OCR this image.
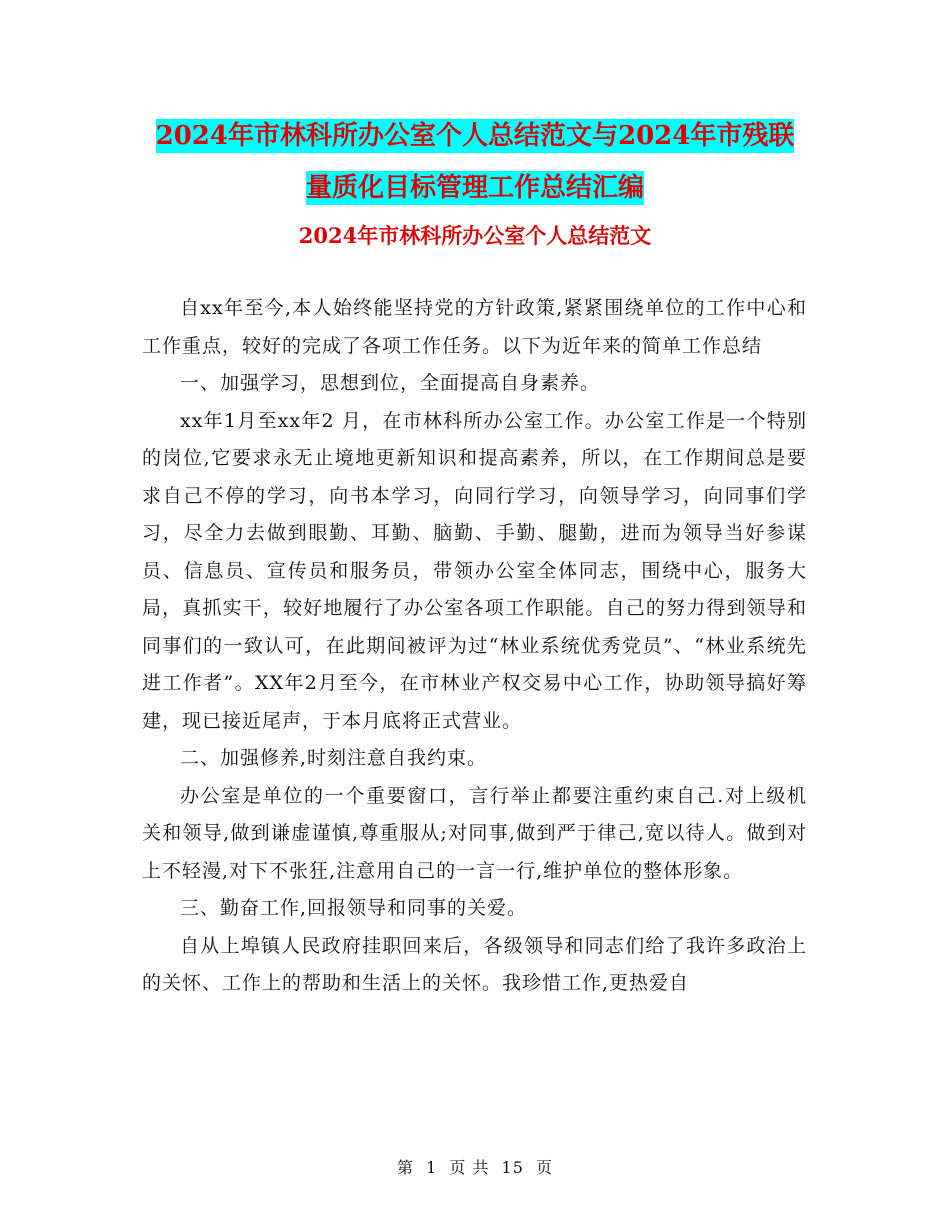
2024年市林科所办公室个人总结范文与2024年市残联
量质化目标管理工作总结汇编
2024年市林科所办公室个人总结范文

自xx年至今,本人始终能坚持党的方针政策,紧紧围绕单位的工作中心和工作重点，较好的完成了各项工作任务。以下为近年来的简单工作总结

一、加强学习，思想到位，全面提高自身素养。

xx年1月至xx年2 月，在市林科所办公室工作。办公室工作是一个特别的岗位,它要求永无止境地更新知识和提高素养，所以，在工作期间总是要求自己不停的学习，向书本学习，向同行学习，向领导学习，向同事们学习，尽全力去做到眼勤、耳勤、脑勤、手勤、腿勤，进而为领导当好参谋员、信息员、宣传员和服务员，带领办公室全体同志，围绕中心，服务大局，真抓实干，较好地履行了办公室各项工作职能。自己的努力得到领导和同事们的一致认可，在此期间被评为过“林业系统优秀党员”、“林业系统先进工作者”。XX年2月至今，在市林业产权交易中心工作，协助领导搞好筹建，现已接近尾声，于本月底将正式营业。

二、加强修养,时刻注意自我约束。

办公室是单位的一个重要窗口，言行举止都要注重约束自己.对上级机关和领导,做到谦虚谨慎,尊重服从;对同事,做到严于律己,宽以待人。做到对上不轻漫,对下不张狂,注意用自己的一言一行,维护单位的整体形象。

三、勤奋工作,回报领导和同事的关爱。

自从上埠镇人民政府挂职回来后，各级领导和同志们给了我许多政治上的关怀、工作上的帮助和生活上的关怀。我珍惜工作,更热爱自

第 1 页 共 15 页
